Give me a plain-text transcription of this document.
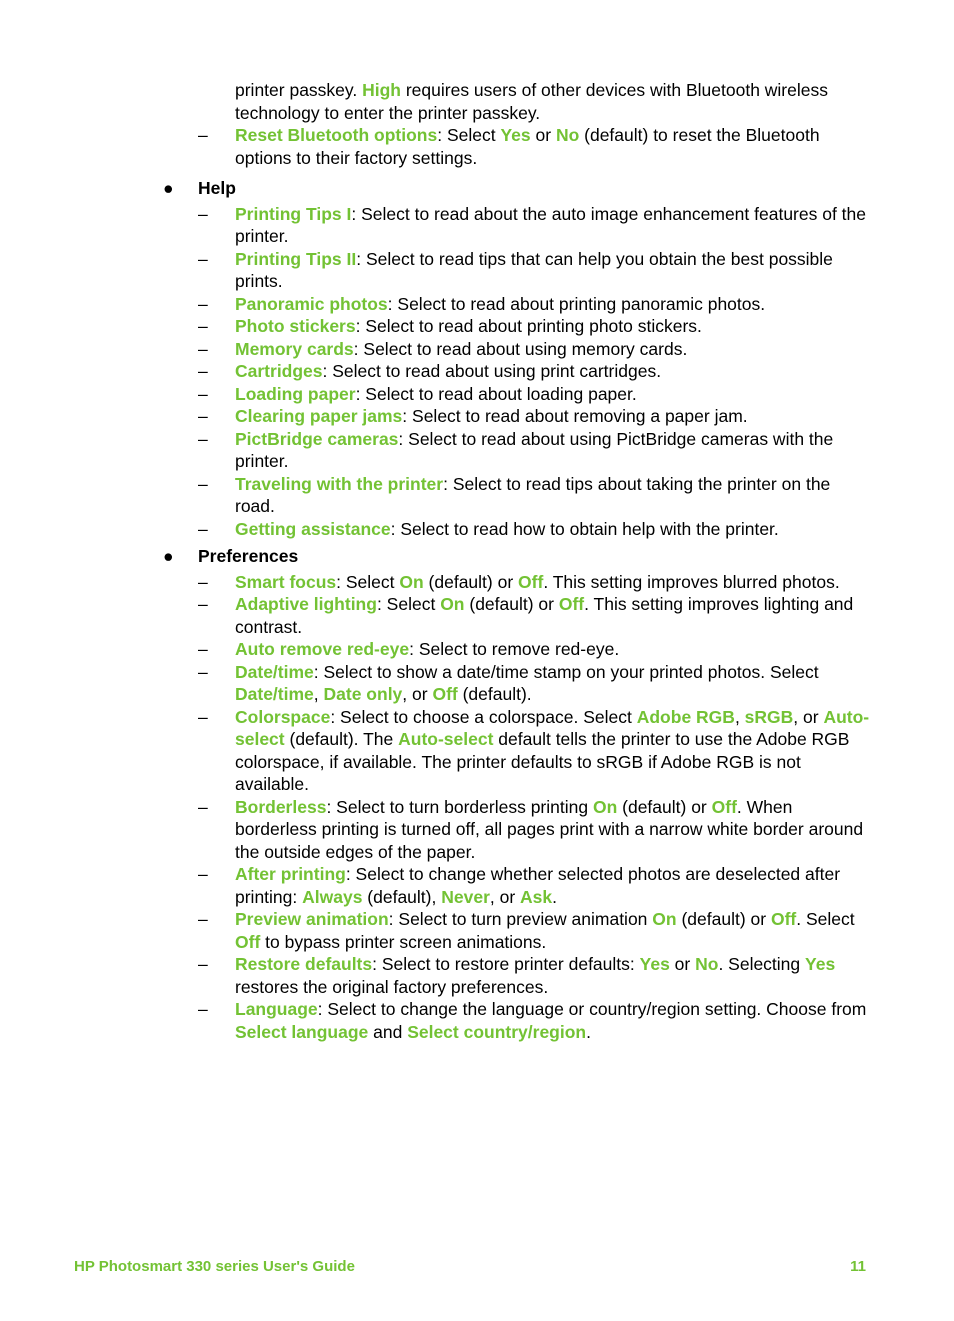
printer passkey. High requires users of other devices with Bluetooth wireless technology to enter the printer passkey.
– Reset Bluetooth options: Select Yes or No (default) to reset the Bluetooth options to their factory settings.
● Help
– Printing Tips I: Select to read about the auto image enhancement features of the printer.
– Printing Tips II: Select to read tips that can help you obtain the best possible prints.
– Panoramic photos: Select to read about printing panoramic photos.
– Photo stickers: Select to read about printing photo stickers.
– Memory cards: Select to read about using memory cards.
– Cartridges: Select to read about using print cartridges.
– Loading paper: Select to read about loading paper.
– Clearing paper jams: Select to read about removing a paper jam.
– PictBridge cameras: Select to read about using PictBridge cameras with the printer.
– Traveling with the printer: Select to read tips about taking the printer on the road.
– Getting assistance: Select to read how to obtain help with the printer.
● Preferences
– Smart focus: Select On (default) or Off. This setting improves blurred photos.
– Adaptive lighting: Select On (default) or Off. This setting improves lighting and contrast.
– Auto remove red-eye: Select to remove red-eye.
– Date/time: Select to show a date/time stamp on your printed photos. Select Date/time, Date only, or Off (default).
– Colorspace: Select to choose a colorspace. Select Adobe RGB, sRGB, or Auto-select (default). The Auto-select default tells the printer to use the Adobe RGB colorspace, if available. The printer defaults to sRGB if Adobe RGB is not available.
– Borderless: Select to turn borderless printing On (default) or Off. When borderless printing is turned off, all pages print with a narrow white border around the outside edges of the paper.
– After printing: Select to change whether selected photos are deselected after printing: Always (default), Never, or Ask.
– Preview animation: Select to turn preview animation On (default) or Off. Select Off to bypass printer screen animations.
– Restore defaults: Select to restore printer defaults: Yes or No. Selecting Yes restores the original factory preferences.
– Language: Select to change the language or country/region setting. Choose from Select language and Select country/region.
HP Photosmart 330 series User's Guide	11
